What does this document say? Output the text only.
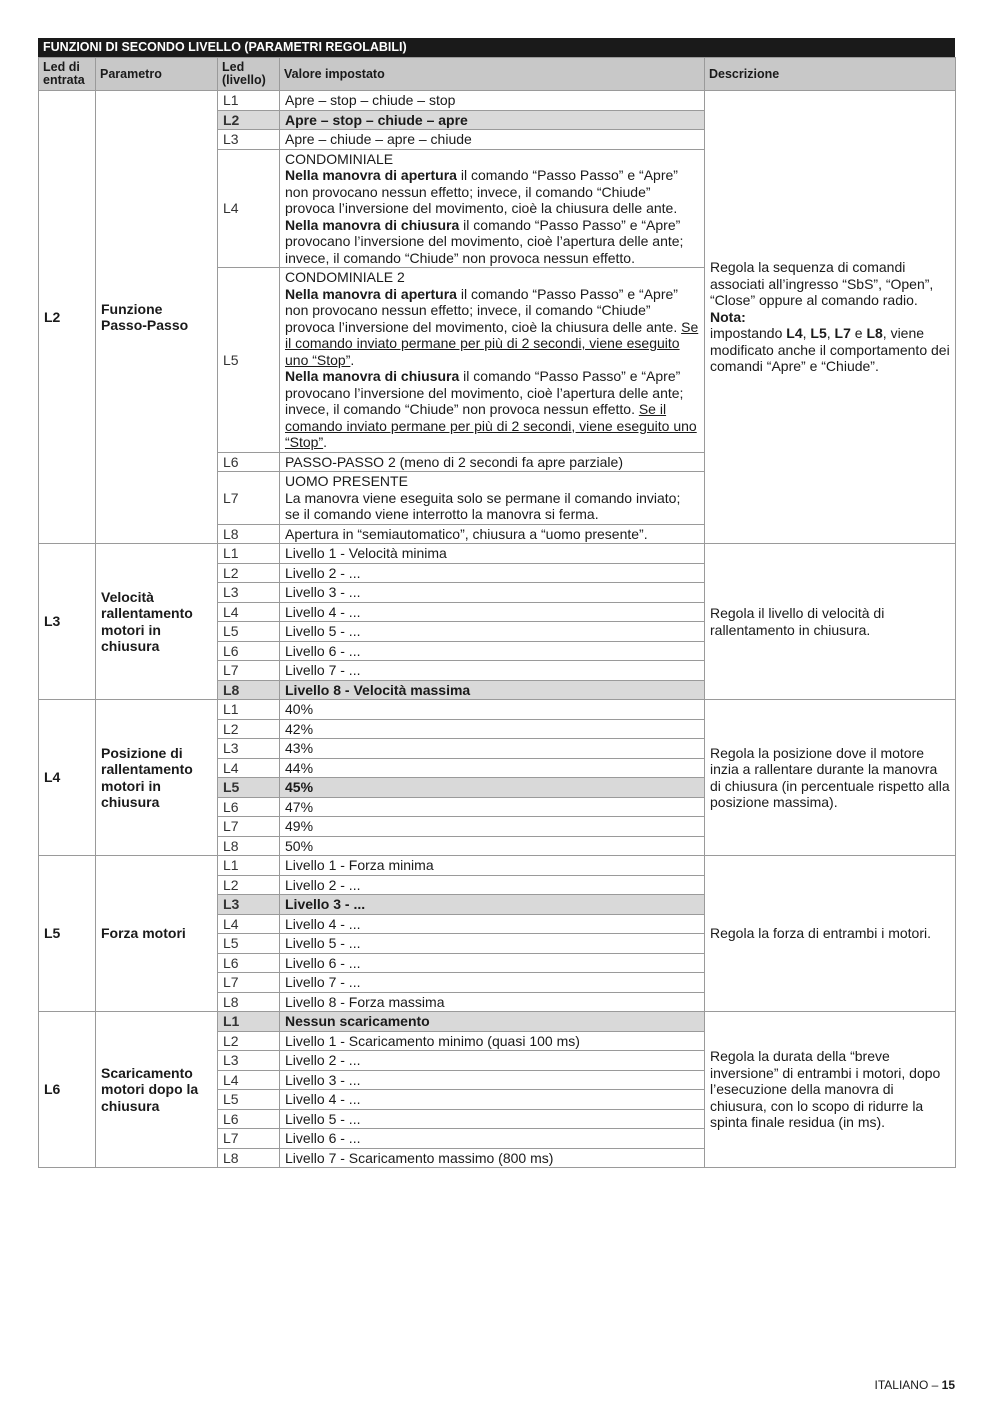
FUNZIONI DI SECONDO LIVELLO (PARAMETRI REGOLABILI)
Led di
entrata	Parametro	Led
(livello)	Valore impostato	Descrizione
L2	Funzione Passo-Passo	L1	Apre – stop – chiude – stop	Regola la sequenza di comandi associati all’ingresso “SbS”, “Open”, “Close” oppure al comando radio.
Nota:
impostando L4, L5, L7 e L8, viene modificato anche il comportamento dei comandi “Apre” e “Chiude”.
		L2	Apre – stop – chiude – apre	
		L3	Apre – chiude – apre – chiude	
		L4	CONDOMINIALE
Nella manovra di apertura il comando “Passo Passo” e “Apre” non provocano nessun effetto; invece, il comando “Chiude” provoca l’inversione del movimento, cioè la chiusura delle ante.
Nella manovra di chiusura il comando “Passo Passo” e “Apre” provocano l’inversione del movimento, cioè l’apertura delle ante; invece, il comando “Chiude” non provoca nessun effetto.	

		L5	CONDOMINIALE 2
Nella manovra di apertura il comando “Passo Passo” e “Apre” non provocano nessun effetto; invece, il comando “Chiude” provoca l’inversione del movimento, cioè la chiusura delle ante. Se il comando inviato permane per più di 2 secondi, viene eseguito uno “Stop”.
Nella manovra di chiusura il comando “Passo Passo” e “Apre” provocano l’inversione del movimento, cioè l’apertura delle ante; invece, il comando “Chiude” non provoca nessun effetto. Se il comando inviato permane per più di 2 secondi, viene eseguito uno “Stop”.	

		L6	PASSO-PASSO 2 (meno di 2 secondi fa apre parziale)	
		L7	UOMO PRESENTE
La manovra viene eseguita solo se permane il comando inviato; se il comando viene interrotto la manovra si ferma.	

		L8	Apertura in “semiautomatico”, chiusura a “uomo presente”.	
L3	Velocità rallentamento motori in chiusura	L1	Livello 1 - Velocità minima	Regola il livello di velocità di rallentamento in chiusura.
		L2	Livello 2 - ...	
		L3	Livello 3 - ...	
		L4	Livello 4 - ...	
		L5	Livello 5 - ...	
		L6	Livello 6 - ...	
		L7	Livello 7 - ...	
		L8	Livello 8 - Velocità massima	
L4	Posizione di rallentamento motori in chiusura	L1	40%	Regola la posizione dove il motore inzia a rallentare durante la manovra di chiusura (in percentuale rispetto alla posizione massima).
		L2	42%	
		L3	43%	
		L4	44%	
		L5	45%	
		L6	47%	
		L7	49%	
		L8	50%	
L5	Forza motori	L1	Livello 1 - Forza minima	Regola la forza di entrambi i motori.
		L2	Livello 2 - ...	
		L3	Livello 3 - ...	
		L4	Livello 4 - ...	
		L5	Livello 5 - ...	
		L6	Livello 6 - ...	
		L7	Livello 7 - ...	
		L8	Livello 8 - Forza massima	
L6	Scaricamento motori dopo la chiusura	L1	Nessun scaricamento	Regola la durata della “breve inversione” di entrambi i motori, dopo l’esecuzione della manovra di chiusura, con lo scopo di ridurre la spinta finale residua (in ms).
		L2	Livello 1 - Scaricamento minimo (quasi 100 ms)	
		L3	Livello 2 - ...	
		L4	Livello 3 - ...	
		L5	Livello 4 - ...	
		L6	Livello 5 - ...	
		L7	Livello 6 - ...	
		L8	Livello 7 - Scaricamento massimo (800 ms)	
ITALIANO – 15
